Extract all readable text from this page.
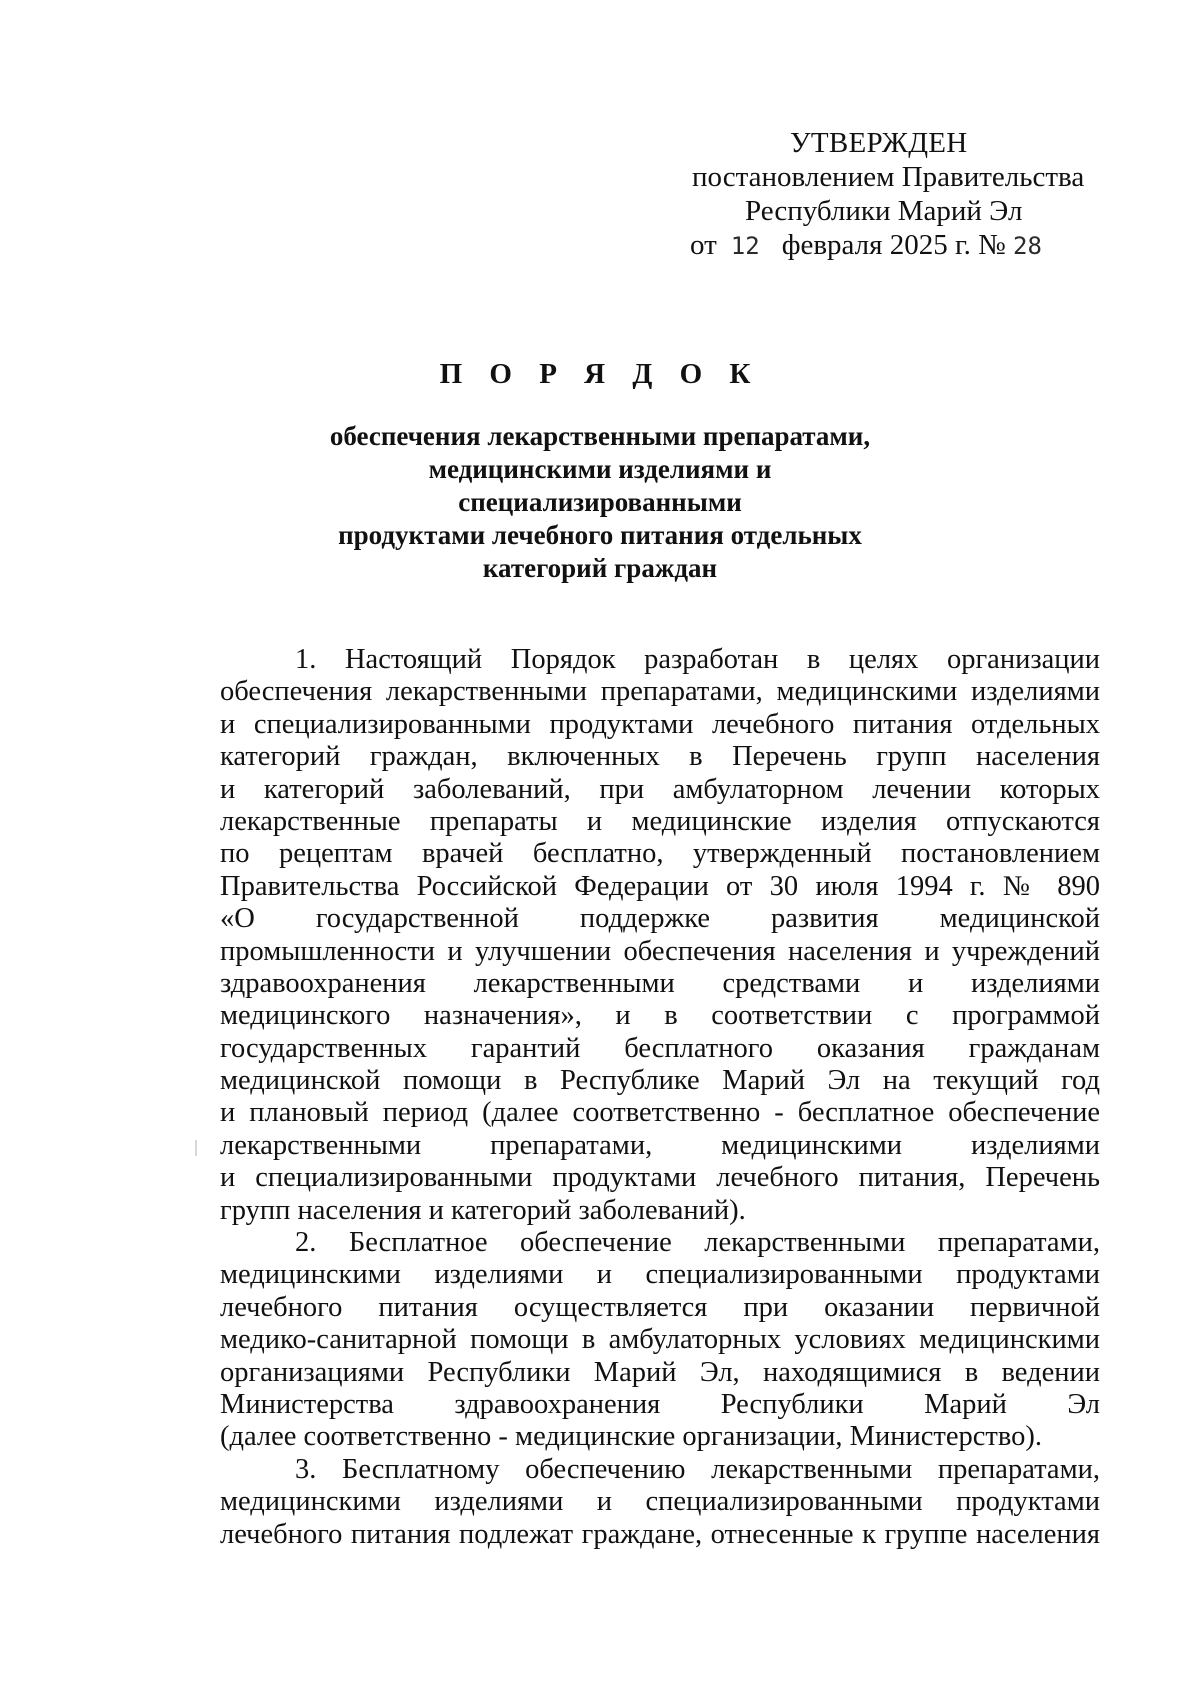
УТВЕРЖДЕН
постановлением Правительства
Республики Марий Эл
от 12 февраля 2025 г. № 28
П О Р Я Д О К
обеспечения лекарственными препаратами,
медицинскими изделиями и специализированными
продуктами лечебного питания отдельных
категорий граждан
1. Настоящий Порядок разработан в целях организации
обеспечения лекарственными препаратами, медицинскими изделиями
и специализированными продуктами лечебного питания отдельных
категорий граждан, включенных в Перечень групп населения
и категорий заболеваний, при амбулаторном лечении которых
лекарственные препараты и медицинские изделия отпускаются
по рецептам врачей бесплатно, утвержденный постановлением
Правительства Российской Федерации от 30 июля 1994 г. № 890
«О государственной поддержке развития медицинской
промышленности и улучшении обеспечения населения и учреждений
здравоохранения лекарственными средствами и изделиями
медицинского назначения», и в соответствии с программой
государственных гарантий бесплатного оказания гражданам
медицинской помощи в Республике Марий Эл на текущий год
и плановый период (далее соответственно - бесплатное обеспечение
лекарственными препаратами, медицинскими изделиями
и специализированными продуктами лечебного питания, Перечень
групп населения и категорий заболеваний).
2. Бесплатное обеспечение лекарственными препаратами,
медицинскими изделиями и специализированными продуктами
лечебного питания осуществляется при оказании первичной
медико-санитарной помощи в амбулаторных условиях медицинскими
организациями Республики Марий Эл, находящимися в ведении
Министерства здравоохранения Республики Марий Эл
(далее соответственно - медицинские организации, Министерство).
3. Бесплатному обеспечению лекарственными препаратами,
медицинскими изделиями и специализированными продуктами
лечебного питания подлежат граждане, отнесенные к группе населения
